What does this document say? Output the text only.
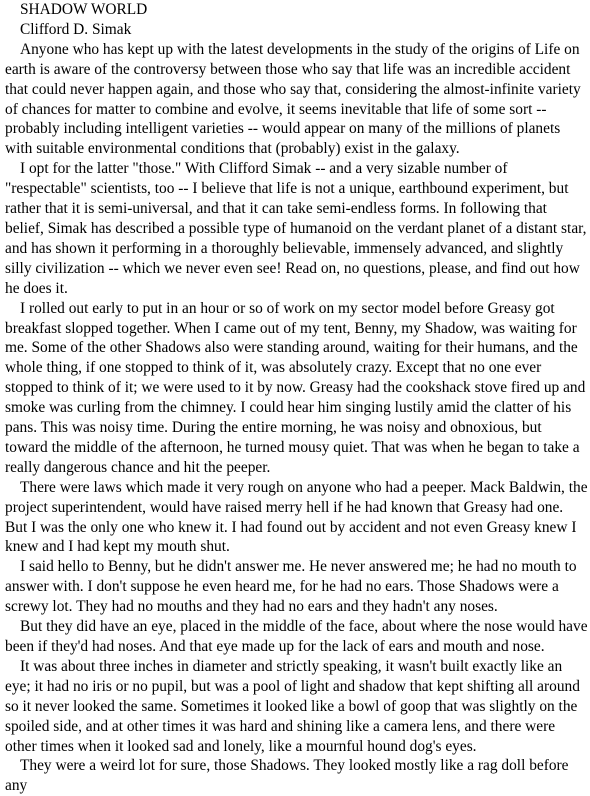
SHADOW WORLD

Clifford D. Simak

Anyone who has kept up with the latest developments in the study of the origins of Life on earth is aware of the controversy between those who say that life was an incredible accident that could never happen again, and those who say that, considering the almost-infinite variety of chances for matter to combine and evolve, it seems inevitable that life of some sort --probably including intelligent varieties -- would appear on many of the millions of planets with suitable environmental conditions that (probably) exist in the galaxy.

I opt for the latter "those." With Clifford Simak -- and a very sizable number of "respectable" scientists, too -- I believe that life is not a unique, earthbound experiment, but rather that it is semi-universal, and that it can take semi-endless forms. In following that belief, Simak has described a possible type of humanoid on the verdant planet of a distant star, and has shown it performing in a thoroughly believable, immensely advanced, and slightly silly civilization -- which we never even see! Read on, no questions, please, and find out how he does it.

I rolled out early to put in an hour or so of work on my sector model before Greasy got breakfast slopped together. When I came out of my tent, Benny, my Shadow, was waiting for me. Some of the other Shadows also were standing around, waiting for their humans, and the whole thing, if one stopped to think of it, was absolutely crazy. Except that no one ever stopped to think of it; we were used to it by now. Greasy had the cookshack stove fired up and smoke was curling from the chimney. I could hear him singing lustily amid the clatter of his pans. This was noisy time. During the entire morning, he was noisy and obnoxious, but toward the middle of the afternoon, he turned mousy quiet. That was when he began to take a really dangerous chance and hit the peeper.

There were laws which made it very rough on anyone who had a peeper. Mack Baldwin, the project superintendent, would have raised merry hell if he had known that Greasy had one. But I was the only one who knew it. I had found out by accident and not even Greasy knew I knew and I had kept my mouth shut.

I said hello to Benny, but he didn't answer me. He never answered me; he had no mouth to answer with. I don't suppose he even heard me, for he had no ears. Those Shadows were a screwy lot. They had no mouths and they had no ears and they hadn't any noses.

But they did have an eye, placed in the middle of the face, about where the nose would have been if they'd had noses. And that eye made up for the lack of ears and mouth and nose.

It was about three inches in diameter and strictly speaking, it wasn't built exactly like an eye; it had no iris or no pupil, but was a pool of light and shadow that kept shifting all around so it never looked the same. Sometimes it looked like a bowl of goop that was slightly on the spoiled side, and at other times it was hard and shining like a camera lens, and there were other times when it looked sad and lonely, like a mournful hound dog's eyes.

They were a weird lot for sure, those Shadows. They looked mostly like a rag doll before any
